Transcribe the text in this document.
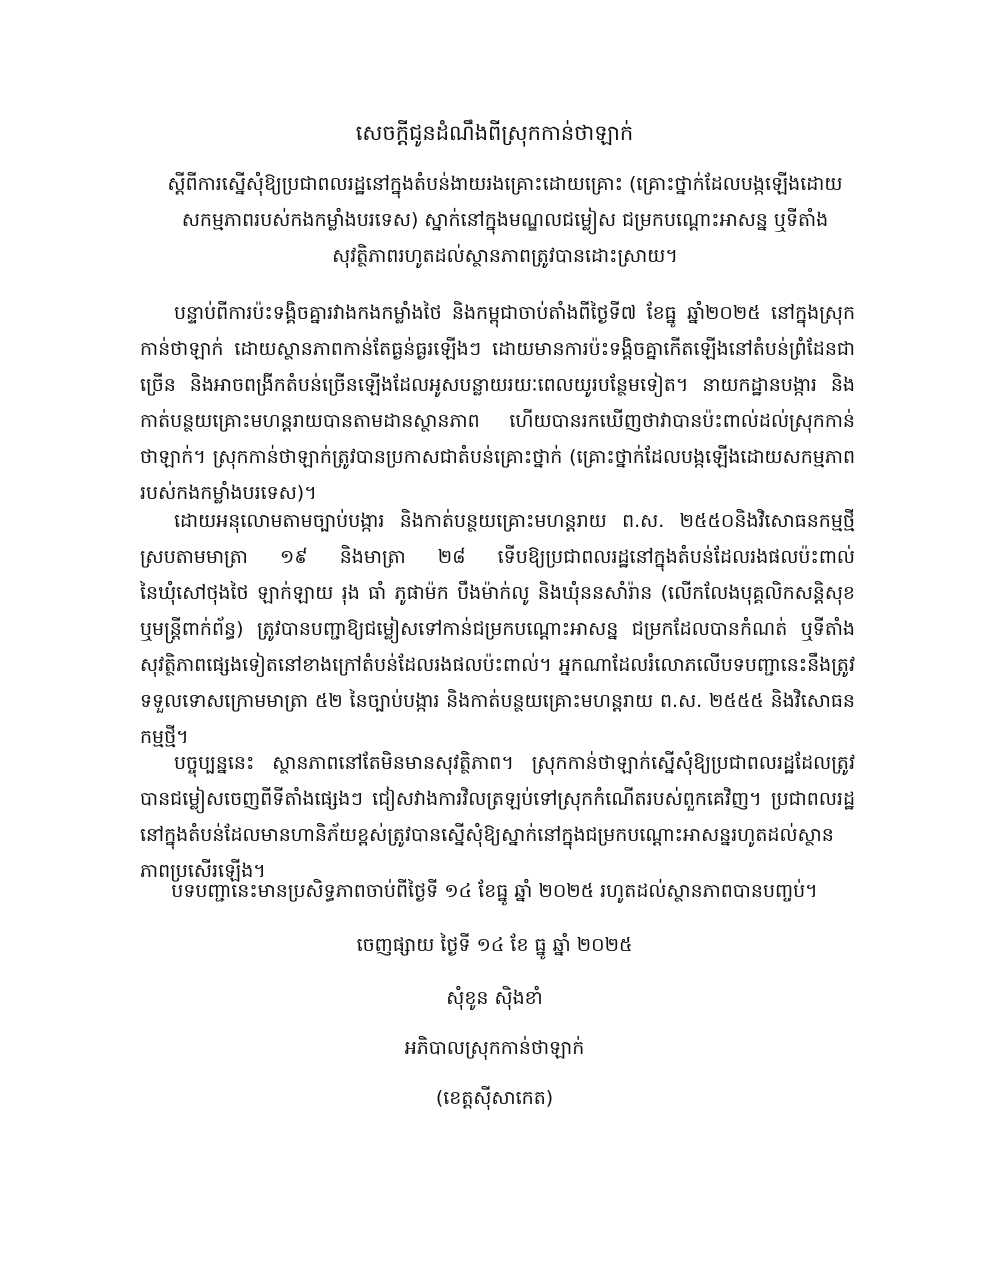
សេចក្ដីជូនដំណឹងពីស្រុកកាន់ថាឡាក់
ស្ដីពីការស្នើសុំឱ្យប្រជាពលរដ្ឋនៅក្នុងតំបន់ងាយរងគ្រោះដោយគ្រោះ (គ្រោះថ្នាក់ដែលបង្កឡើងដោយសកម្មភាពរបស់កងកម្លាំងបរទេស) ស្នាក់នៅក្នុងមណ្ឌលជម្លៀស ជម្រកបណ្ដោះអាសន្ន ឬទីតាំងសុវត្ថិភាពរហូតដល់ស្ថានភាពត្រូវបានដោះស្រាយ។
បន្ទាប់ពីការប៉ះទង្គិចគ្នារវាងកងកម្លាំងថៃ និងកម្ពុជាចាប់តាំងពីថ្ងៃទី៧ ខែធ្នូ ឆ្នាំ២០២៥ នៅក្នុងស្រុកកាន់ថាឡាក់ ដោយស្ថានភាពកាន់តែធ្ងន់ធ្ងរឡើងៗ ដោយមានការប៉ះទង្គិចគ្នាកើតឡើងនៅតំបន់ព្រំដែនជាច្រើន និងអាចពង្រីកតំបន់ច្រើនឡើងដែលអូសបន្លាយរយៈពេលយូរបន្ថែមទៀត។ នាយកដ្ឋានបង្ការ និងកាត់បន្ថយគ្រោះមហន្តរាយបានតាមដានស្ថានភាព ហើយបានរកឃើញថាវាបានប៉ះពាល់ដល់ស្រុកកាន់ថាឡាក់។ ស្រុកកាន់ថាឡាក់ត្រូវបានប្រកាសជាតំបន់គ្រោះថ្នាក់ (គ្រោះថ្នាក់ដែលបង្កឡើងដោយសកម្មភាពរបស់កងកម្លាំងបរទេស)។
ដោយអនុលោមតាមច្បាប់បង្ការ និងកាត់បន្ថយគ្រោះមហន្តរាយ ព.ស. ២៥៥០និងវិសោធនកម្មថ្មី ស្របតាមមាត្រា ១៩ និងមាត្រា ២៨ ទើបឱ្យប្រជាពលរដ្ឋនៅក្នុងតំបន់ដែលរងផលប៉ះពាល់នៃឃុំសៅថុងថៃ ឡាក់ឡាយ រុង ធាំ ភូផាម៉ក បឹងម៉ាក់លូ និងឃុំននសាំរ៉ាន (លើកលែងបុគ្គលិកសន្តិសុខ ឬមន្ត្រីពាក់ព័ន្ធ) ត្រូវបានបញ្ជាឱ្យជម្លៀសទៅកាន់ជម្រកបណ្ដោះអាសន្ន ជម្រកដែលបានកំណត់ ឬទីតាំងសុវត្ថិភាពផ្សេងទៀតនៅខាងក្រៅតំបន់ដែលរងផលប៉ះពាល់។ អ្នកណាដែលរំលោភលើបទបញ្ជានេះនឹងត្រូវទទួលទោសក្រោមមាត្រា ៥២ នៃច្បាប់បង្ការ និងកាត់បន្ថយគ្រោះមហន្តរាយ ព.ស. ២៥៥៥ និងវិសោធនកម្មថ្មី។
បច្ចុប្បន្ននេះ ស្ថានភាពនៅតែមិនមានសុវត្ថិភាព។ ស្រុកកាន់ថាឡាក់ស្នើសុំឱ្យប្រជាពលរដ្ឋដែលត្រូវបានជម្លៀសចេញពីទីតាំងផ្សេងៗ ជៀសវាងការវិលត្រឡប់ទៅស្រុកកំណើតរបស់ពួកគេវិញ។ ប្រជាពលរដ្ឋនៅក្នុងតំបន់ដែលមានហានិភ័យខ្ពស់ត្រូវបានស្នើសុំឱ្យស្នាក់នៅក្នុងជម្រកបណ្ដោះអាសន្នរហូតដល់ស្ថានភាពប្រសើរឡើង។
បទបញ្ជានេះមានប្រសិទ្ធភាពចាប់ពីថ្ងៃទី ១៤ ខែធ្នូ ឆ្នាំ ២០២៥ រហូតដល់ស្ថានភាពបានបញ្ចប់។
ចេញផ្សាយ ថ្ងៃទី ១៤ ខែ ធ្នូ ឆ្នាំ ២០២៥
សុំខូន ស៊ិងខាំ
អភិបាលស្រុកកាន់ថាឡាក់
(ខេត្តស៊ីសាកេត)
